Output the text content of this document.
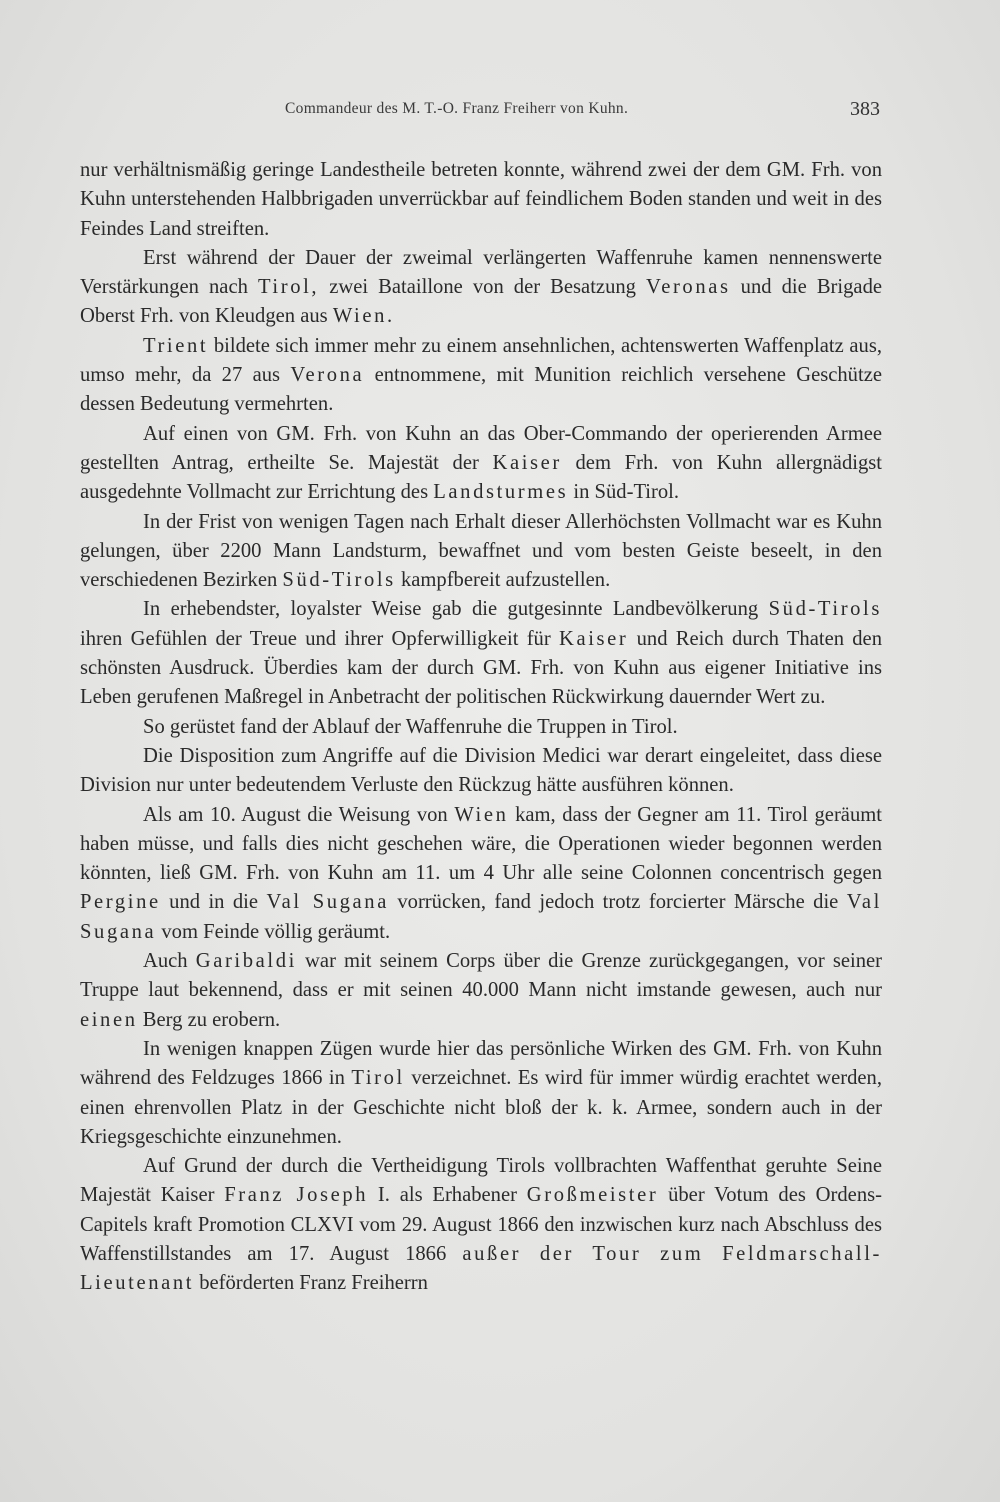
Commandeur des M. T.-O. Franz Freiherr von Kuhn.	383

nur verhältnismäßig geringe Landestheile betreten konnte, während zwei der dem GM. Frh. von Kuhn unterstehenden Halbbrigaden unverrückbar auf feindlichem Boden standen und weit in des Feindes Land streiften.

Erst während der Dauer der zweimal verlängerten Waffenruhe kamen nennenswerte Verstärkungen nach Tirol, zwei Bataillone von der Besatzung Veronas und die Brigade Oberst Frh. von Kleudgen aus Wien.

Trient bildete sich immer mehr zu einem ansehnlichen, achtenswerten Waffenplatz aus, umso mehr, da 27 aus Verona entnommene, mit Munition reichlich versehene Geschütze dessen Bedeutung vermehrten.

Auf einen von GM. Frh. von Kuhn an das Ober-Commando der operierenden Armee gestellten Antrag, ertheilte Se. Majestät der Kaiser dem Frh. von Kuhn allergnädigst ausgedehnte Vollmacht zur Errichtung des Landsturmes in Süd-Tirol.

In der Frist von wenigen Tagen nach Erhalt dieser Allerhöchsten Vollmacht war es Kuhn gelungen, über 2200 Mann Landsturm, bewaffnet und vom besten Geiste beseelt, in den verschiedenen Bezirken Süd-Tirols kampfbereit aufzustellen.

In erhebendster, loyalster Weise gab die gutgesinnte Landbevölkerung Süd-Tirols ihren Gefühlen der Treue und ihrer Opferwilligkeit für Kaiser und Reich durch Thaten den schönsten Ausdruck. Überdies kam der durch GM. Frh. von Kuhn aus eigener Initiative ins Leben gerufenen Maßregel in Anbetracht der politischen Rückwirkung dauernder Wert zu.

So gerüstet fand der Ablauf der Waffenruhe die Truppen in Tirol.

Die Disposition zum Angriffe auf die Division Medici war derart eingeleitet, dass diese Division nur unter bedeutendem Verluste den Rückzug hätte ausführen können.

Als am 10. August die Weisung von Wien kam, dass der Gegner am 11. Tirol geräumt haben müsse, und falls dies nicht geschehen wäre, die Operationen wieder begonnen werden könnten, ließ GM. Frh. von Kuhn am 11. um 4 Uhr alle seine Colonnen concentrisch gegen Pergine und in die Val Sugana vorrücken, fand jedoch trotz forcierter Märsche die Val Sugana vom Feinde völlig geräumt.

Auch Garibaldi war mit seinem Corps über die Grenze zurückgegangen, vor seiner Truppe laut bekennend, dass er mit seinen 40.000 Mann nicht imstande gewesen, auch nur einen Berg zu erobern.

In wenigen knappen Zügen wurde hier das persönliche Wirken des GM. Frh. von Kuhn während des Feldzuges 1866 in Tirol verzeichnet. Es wird für immer würdig erachtet werden, einen ehrenvollen Platz in der Geschichte nicht bloß der k. k. Armee, sondern auch in der Kriegsgeschichte einzunehmen.

Auf Grund der durch die Vertheidigung Tirols vollbrachten Waffenthat geruhte Seine Majestät Kaiser Franz Joseph I. als Erhabener Großmeister über Votum des Ordens-Capitels kraft Promotion CLXVI vom 29. August 1866 den inzwischen kurz nach Abschluss des Waffenstillstandes am 17. August 1866 außer der Tour zum Feldmarschall-Lieutenant beförderten Franz Freiherrn
